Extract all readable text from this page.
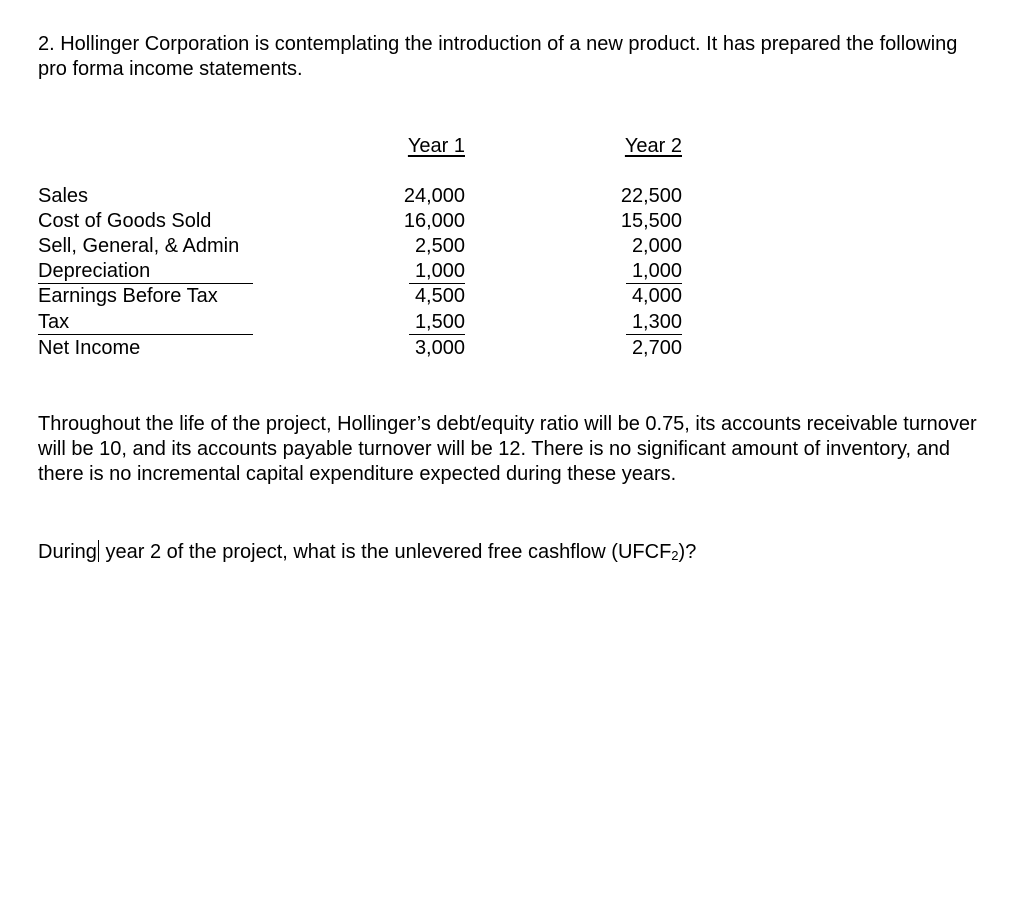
2. Hollinger Corporation is contemplating the introduction of a new product. It has prepared the following pro forma income statements.
Year 1	Year 2
Sales
Cost of Goods Sold
Sell, General, & Admin
Depreciation
Earnings Before Tax
Tax
Net Income
24,000
16,000
2,500
1,000
4,500
1,500
3,000
22,500
15,500
2,000
1,000
4,000
1,300
2,700
Throughout the life of the project, Hollinger’s debt/equity ratio will be 0.75, its accounts receivable turnover will be 10, and its accounts payable turnover will be 12. There is no significant amount of inventory, and there is no incremental capital expenditure expected during these years.
During year 2 of the project, what is the unlevered free cashflow $(UFCF_2)$?
